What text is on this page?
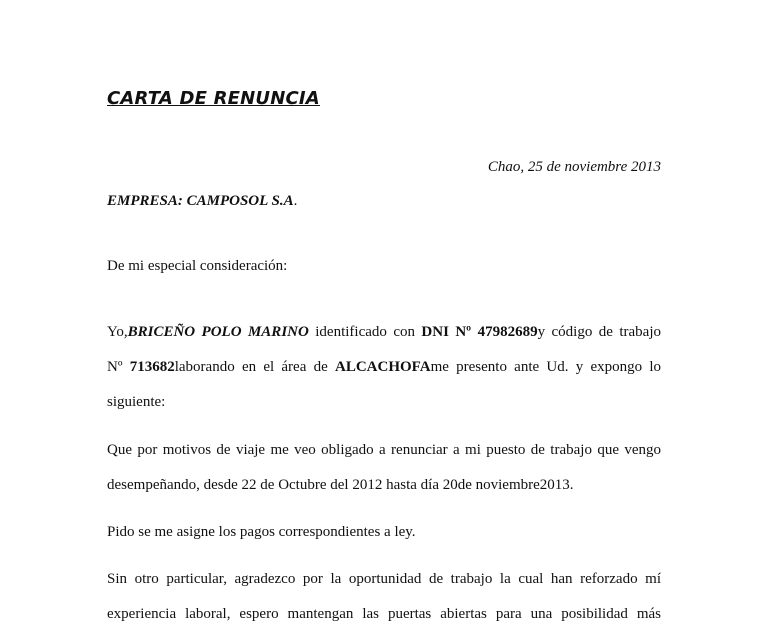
CARTA DE RENUNCIA
Chao, 25 de noviembre 2013
EMPRESA: CAMPOSOL S.A.
De mi especial consideración:
Yo,BRICEÑO POLO MARINO identificado con DNI Nº 47982689y código de trabajo
Nº 713682laborando en el área de ALCACHOFAme presento ante Ud. y expongo lo
siguiente:
Que por motivos de viaje me veo obligado a renunciar a mi puesto de trabajo que vengo
desempeñando, desde 22 de Octubre del 2012 hasta día 20de noviembre2013.
Pido se me asigne los pagos correspondientes a ley.
Sin otro particular, agradezco por la oportunidad de trabajo la cual han reforzado mí
experiencia laboral, espero mantengan las puertas abiertas para una posibilidad más
